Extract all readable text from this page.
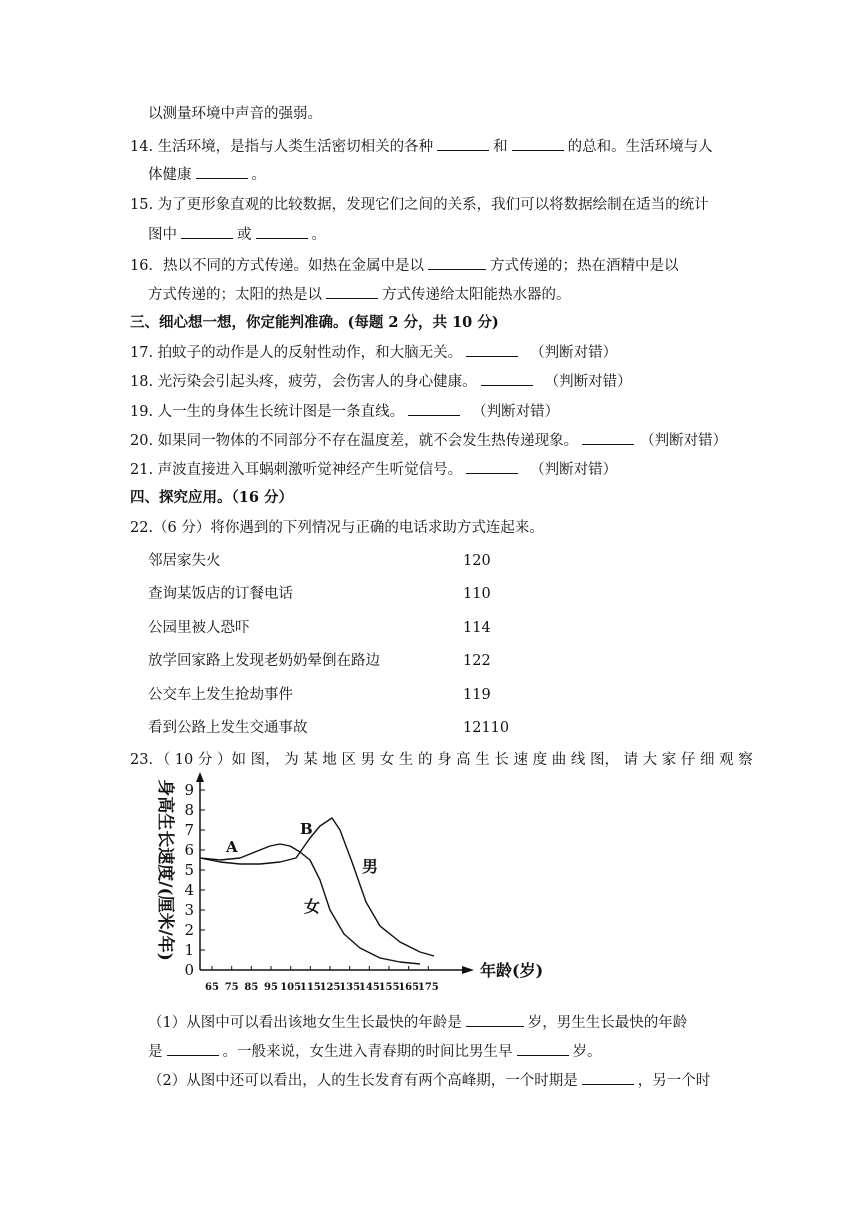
以测量环境中声音的强弱。
14. 生活环境，是指与人类生活密切相关的各种	和	的总和。生活环境与人
体健康	。
15. 为了更形象直观的比较数据，发现它们之间的关系，我们可以将数据绘制在适当的统计
图中	或	。
16．热以不同的方式传递。如热在金属中是以	方式传递的；热在酒精中是以
方式传递的；太阳的热是以	方式传递给太阳能热水器的。
三、细心想一想，你定能判准确。(每题 2 分，共 10 分)
17. 拍蚊子的动作是人的反射性动作，和大脑无关。	（判断对错）
18. 光污染会引起头疼，疲劳，会伤害人的身心健康。	（判断对错）
19. 人一生的身体生长统计图是一条直线。	（判断对错）
20. 如果同一物体的不同部分不存在温度差，就不会发生热传递现象。	（判断对错）
21. 声波直接进入耳蜗刺激听觉神经产生听觉信号。	（判断对错）
四、探究应用。（16 分）
22.（6 分）将你遇到的下列情况与正确的电话求助方式连起来。
邻居家失火	120
查询某饭店的订餐电话	110
公园里被人恐吓	114
放学回家路上发现老奶奶晕倒在路边	122
公交车上发生抢劫事件	119
看到公路上发生交通事故	12110
23．（ 10 分 ）如 图， 为 某 地 区 男 女 生 的 身 高 生 长 速 度 曲 线 图， 请 大 家 仔 细 观 察
0
1
2
3
4
5
6
7
8
9
65 75 85 95 105
115
125
135
145
155
165
175
身高生长速度/(厘米/年)
年龄(岁)
男
女
A
B
（1）从图中可以看出该地女生生长最快的年龄是	岁，男生生长最快的年龄
是	。一般来说，女生进入青春期的时间比男生早	岁。
（2）从图中还可以看出，人的生长发育有两个高峰期，一个时期是	，另一个时
